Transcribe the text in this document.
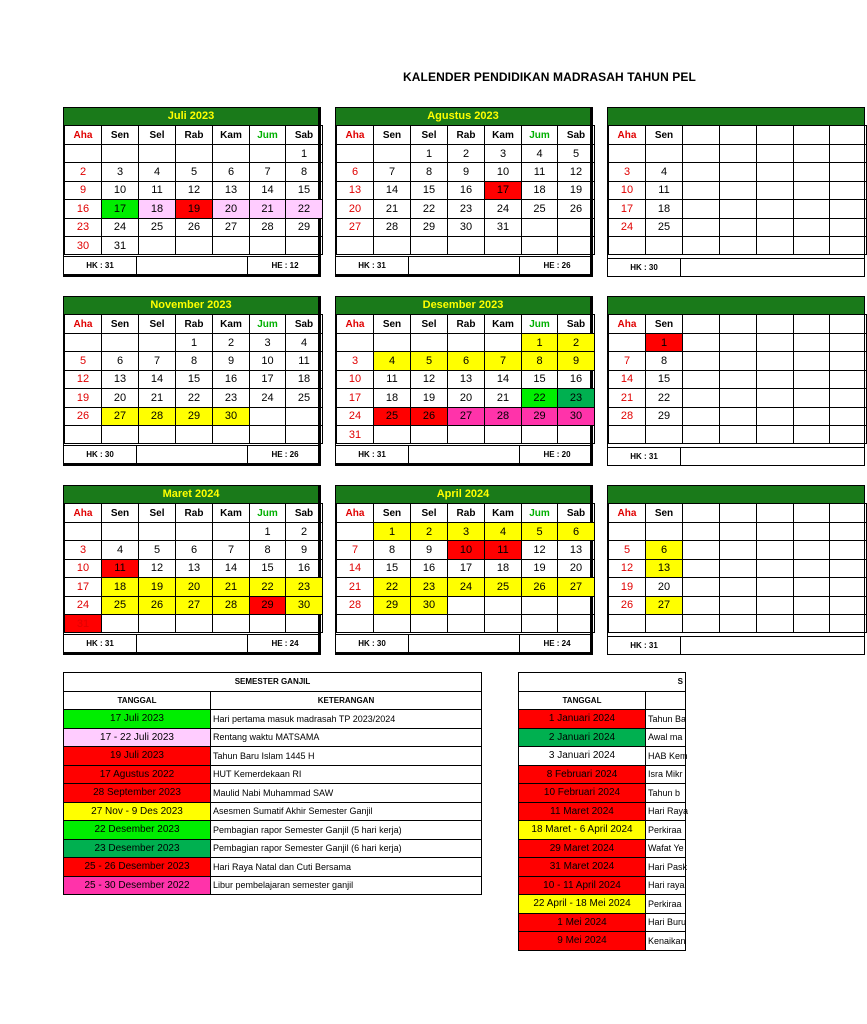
KALENDER PENDIDIKAN MADRASAH TAHUN PEL
Juli 2023
Aha	Sen	Sel	Rab	Kam	Jum	Sab
						1
2	3	4	5	6	7	8
9	10	11	12	13	14	15
16	17	18	19	20	21	22
23	24	25	26	27	28	29
30	31					
HK : 31	HE : 12
Agustus 2023
Aha	Sen	Sel	Rab	Kam	Jum	Sab
		1	2	3	4	5
6	7	8	9	10	11	12
13	14	15	16	17	18	19
20	21	22	23	24	25	26
27	28	29	30	31		

HK : 31	HE : 26
Aha	Sen					

3	4					
10	11					
17	18					
24	25					

HK : 30
November 2023
Aha	Sen	Sel	Rab	Kam	Jum	Sab
			1	2	3	4
5	6	7	8	9	10	11
12	13	14	15	16	17	18
19	20	21	22	23	24	25
26	27	28	29	30		

HK : 30	HE : 26
Desember 2023
Aha	Sen	Sel	Rab	Kam	Jum	Sab
					1	2
3	4	5	6	7	8	9
10	11	12	13	14	15	16
17	18	19	20	21	22	23
24	25	26	27	28	29	30
31						
HK : 31	HE : 20
Aha	Sen					
	1					
7	8					
14	15					
21	22					
28	29					

HK : 31
Maret 2024
Aha	Sen	Sel	Rab	Kam	Jum	Sab
					1	2
3	4	5	6	7	8	9
10	11	12	13	14	15	16
17	18	19	20	21	22	23
24	25	26	27	28	29	30
31						
HK : 31	HE : 24
April 2024
Aha	Sen	Sel	Rab	Kam	Jum	Sab
	1	2	3	4	5	6
7	8	9	10	11	12	13
14	15	16	17	18	19	20
21	22	23	24	25	26	27
28	29	30				

HK : 30	HE : 24
Aha	Sen					

5	6					
12	13					
19	20					
26	27					

HK : 31
SEMESTER GANJIL	
TANGGAL	KETERANGAN
17 Juli 2023	Hari pertama masuk madrasah TP 2023/2024
17 - 22 Juli 2023	Rentang waktu MATSAMA
19 Juli 2023	Tahun Baru Islam 1445 H
17 Agustus 2022	HUT Kemerdekaan RI
28 September 2023	Maulid Nabi Muhammad SAW
27 Nov - 9 Des 2023	Asesmen Sumatif Akhir Semester Ganjil
22 Desember 2023	Pembagian rapor Semester Ganjil (5 hari kerja)
23 Desember 2023	Pembagian rapor Semester Ganjil (6 hari kerja)
25 - 26 Desember 2023	Hari Raya Natal dan Cuti Bersama
25 - 30 Desember 2022	Libur pembelajaran semester ganjil
S	
TANGGAL	
1 Januari 2024	Tahun Ba
2 Januari 2024	Awal ma
3 Januari 2024	HAB Kem
8 Februari 2024	Isra Mikr
10 Februari 2024	Tahun b
11 Maret 2024	Hari Raya
18 Maret - 6 April 2024	Perkiraa
29 Maret 2024	Wafat Ye
31 Maret 2024	Hari Pask
10 - 11 April 2024	Hari raya
22 April - 18 Mei 2024	Perkiraa
1 Mei 2024	Hari Buru
9 Mei 2024	Kenaikan
